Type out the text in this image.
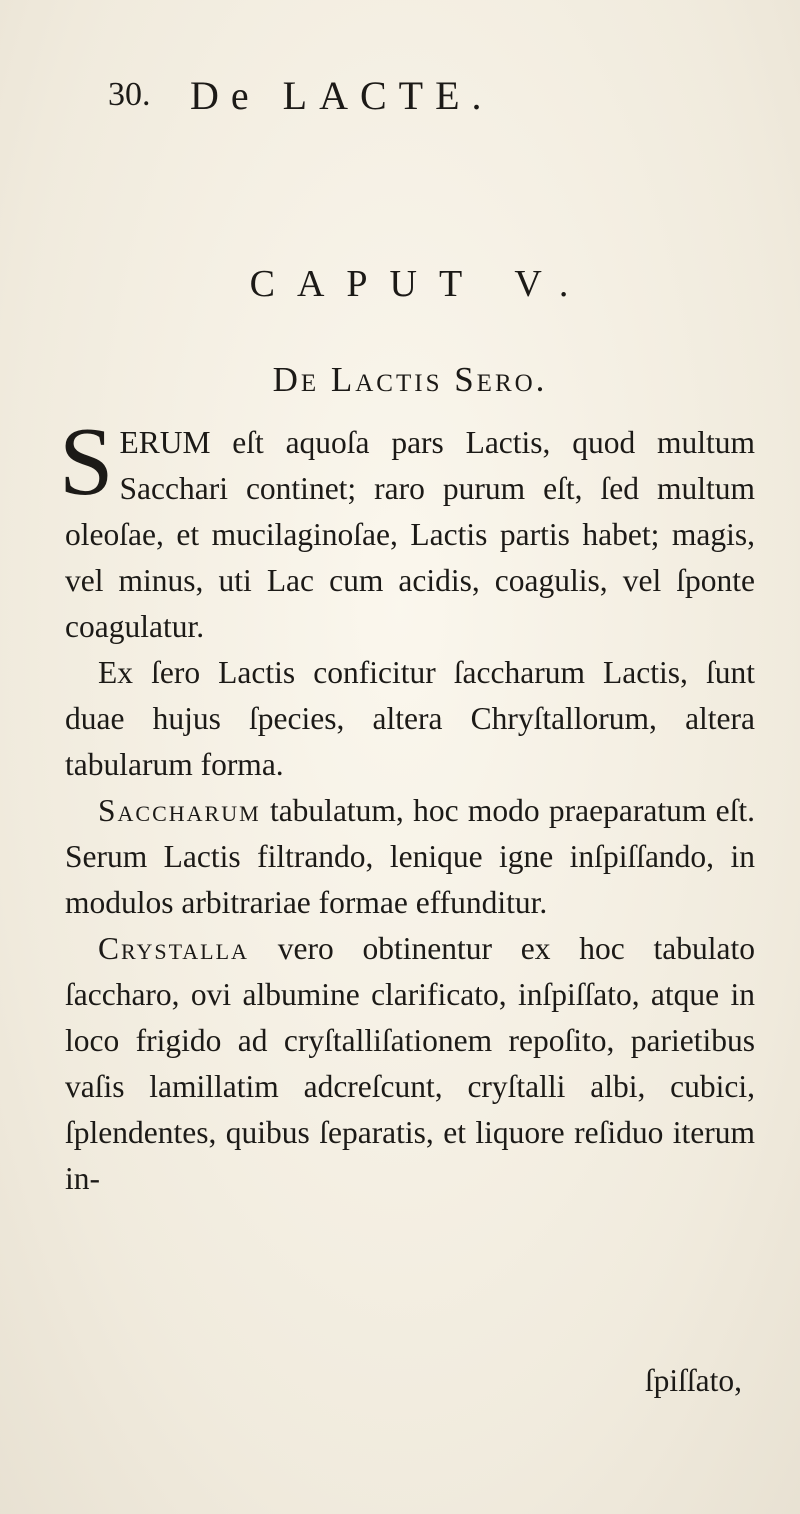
30. De LACTE.
CAPUT V.
De Lactis Sero.

SERUM eſt aquoſa pars Lactis, quod multum Sacchari continet; raro purum eſt, ſed multum oleoſae, et mucilaginoſae, Lactis partis habet; magis, vel minus, uti Lac cum acidis, coagulis, vel ſponte coagulatur.

Ex ſero Lactis conficitur ſaccharum Lactis, ſunt duae hujus ſpecies, altera Chryſtallorum, altera tabularum forma.

Saccharum tabulatum, hoc modo praeparatum eſt. Serum Lactis filtrando, lenique igne inſpiſſando, in modulos arbitrariae formae effunditur.

Crystalla vero obtinentur ex hoc tabulato ſaccharo, ovi albumine clarificato, inſpiſſato, atque in loco frigido ad cryſtalliſationem repoſito, parietibus vaſis lamillatim adcreſcunt, cryſtalli albi, cubici, ſplendentes, quibus ſeparatis, et liquore reſiduo iterum in-

ſpiſſato,
